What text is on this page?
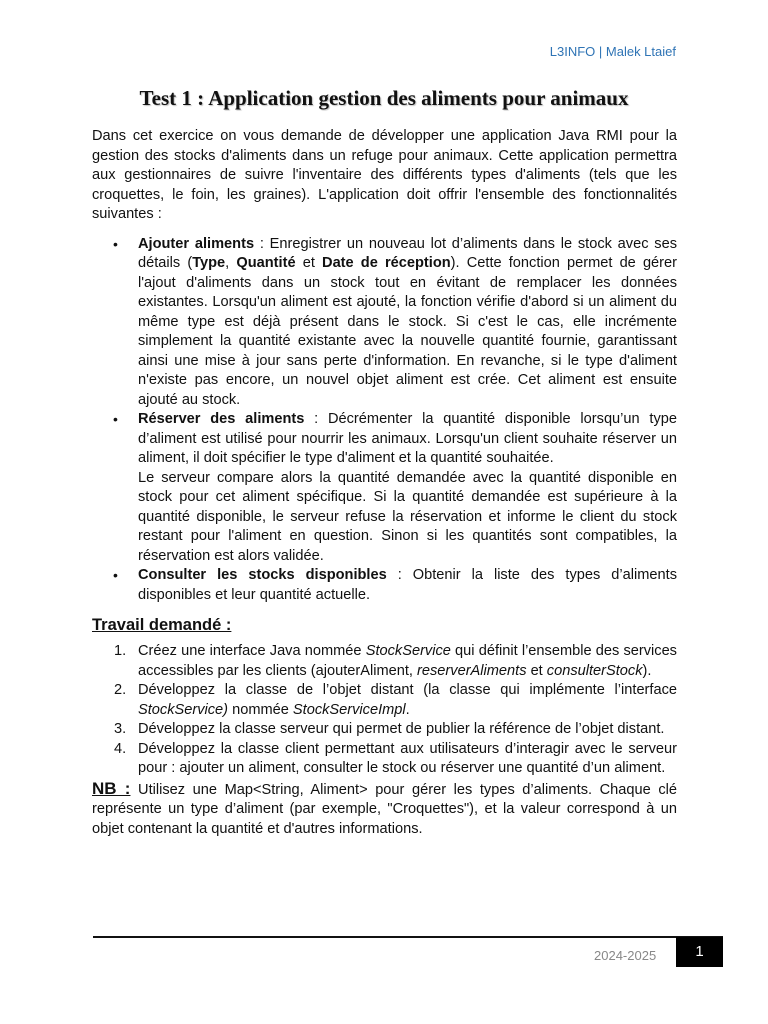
L3INFO | Malek Ltaief
Test 1 : Application gestion des aliments pour animaux

Dans cet exercice on vous demande de développer une application Java RMI pour la gestion des stocks d'aliments dans un refuge pour animaux. Cette application permettra aux gestionnaires de suivre l'inventaire des différents types d'aliments (tels que les croquettes, le foin, les graines). L'application doit offrir l'ensemble des fonctionnalités suivantes :

• Ajouter aliments : Enregistrer un nouveau lot d’aliments dans le stock avec ses détails (Type, Quantité et Date de réception). Cette fonction permet de gérer l'ajout d'aliments dans un stock tout en évitant de remplacer les données existantes. Lorsqu'un aliment est ajouté, la fonction vérifie d'abord si un aliment du même type est déjà présent dans le stock. Si c'est le cas, elle incrémente simplement la quantité existante avec la nouvelle quantité fournie, garantissant ainsi une mise à jour sans perte d'information. En revanche, si le type d'aliment n'existe pas encore, un nouvel objet aliment est crée. Cet aliment est ensuite ajouté au stock.
• Réserver des aliments : Décrémenter la quantité disponible lorsqu’un type d’aliment est utilisé pour nourrir les animaux. Lorsqu'un client souhaite réserver un aliment, il doit spécifier le type d'aliment et la quantité souhaitée.
Le serveur compare alors la quantité demandée avec la quantité disponible en stock pour cet aliment spécifique. Si la quantité demandée est supérieure à la quantité disponible, le serveur refuse la réservation et informe le client du stock restant pour l'aliment en question. Sinon si les quantités sont compatibles, la réservation est alors validée.
• Consulter les stocks disponibles : Obtenir la liste des types d’aliments disponibles et leur quantité actuelle.
Travail demandé :
1. Créez une interface Java nommée StockService qui définit l’ensemble des services accessibles par les clients (ajouterAliment, reserverAliments et consulterStock).
2. Développez la classe de l’objet distant (la classe qui implémente l’interface StockService) nommée StockServiceImpl.
3. Développez la classe serveur qui permet de publier la référence de l’objet distant.
4. Développez la classe client permettant aux utilisateurs d’interagir avec le serveur pour : ajouter un aliment, consulter le stock ou réserver une quantité d’un aliment.

NB : Utilisez une Map<String, Aliment> pour gérer les types d’aliments. Chaque clé représente un type d’aliment (par exemple, "Croquettes"), et la valeur correspond à un objet contenant la quantité et d'autres informations.

2024-2025	1
